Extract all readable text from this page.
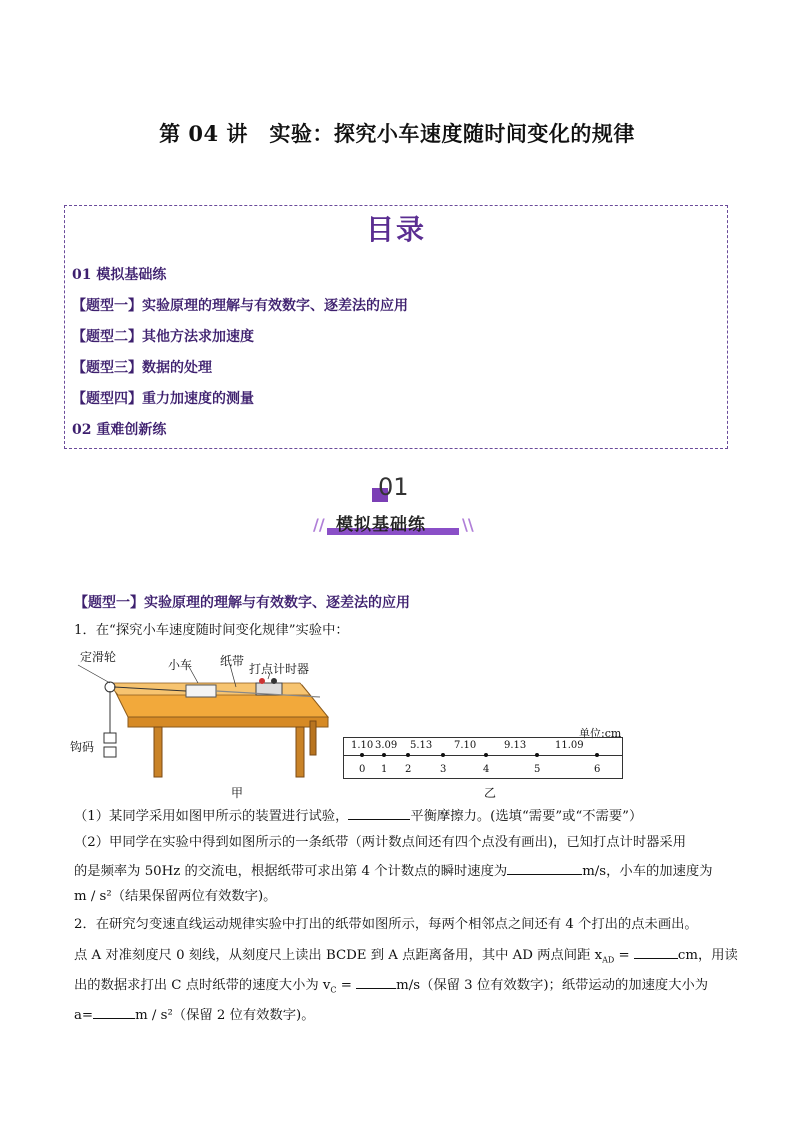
第 04 讲　实验：探究小车速度随时间变化的规律
目录
01 模拟基础练
【题型一】实验原理的理解与有效数字、逐差法的应用
【题型二】其他方法求加速度
【题型三】数据的处理
【题型四】重力加速度的测量
02 重难创新练
01
//	\\
模拟基础练
【题型一】实验原理的理解与有效数字、逐差法的应用
1．在“探究小车速度随时间变化规律”实验中：
定滑轮
小车 纸带
打点计时器
钩码
甲
单位:cm
1.10 3.09 5.13 7.10	9.13	11.09
0 1 2	3	4	5	6
乙
（1）某同学采用如图甲所示的装置进行试验，	平衡摩擦力。(选填“需要”或“不需要”）
（2）甲同学在实验中得到如图所示的一条纸带（两计数点间还有四个点没有画出)，已知打点计时器采用
的是频率为 50Hz 的交流电，根据纸带可求出第 4 个计数点的瞬时速度为	m/s，小车的加速度为
m / s²（结果保留两位有效数字)。
2．在研究匀变速直线运动规律实验中打出的纸带如图所示，每两个相邻点之间还有 4 个打出的点未画出。
点 A 对准刻度尺 0 刻线，从刻度尺上读出 BCDE 到 A 点距离备用，其中 AD 两点间距 $x_{AD}$ =	cm，用读
出的数据求打出 C 点时纸带的速度大小为 $v_C$ =	m/s（保留 3 位有效数字)；纸带运动的加速度大小为
a=	m / s²（保留 2 位有效数字)。
